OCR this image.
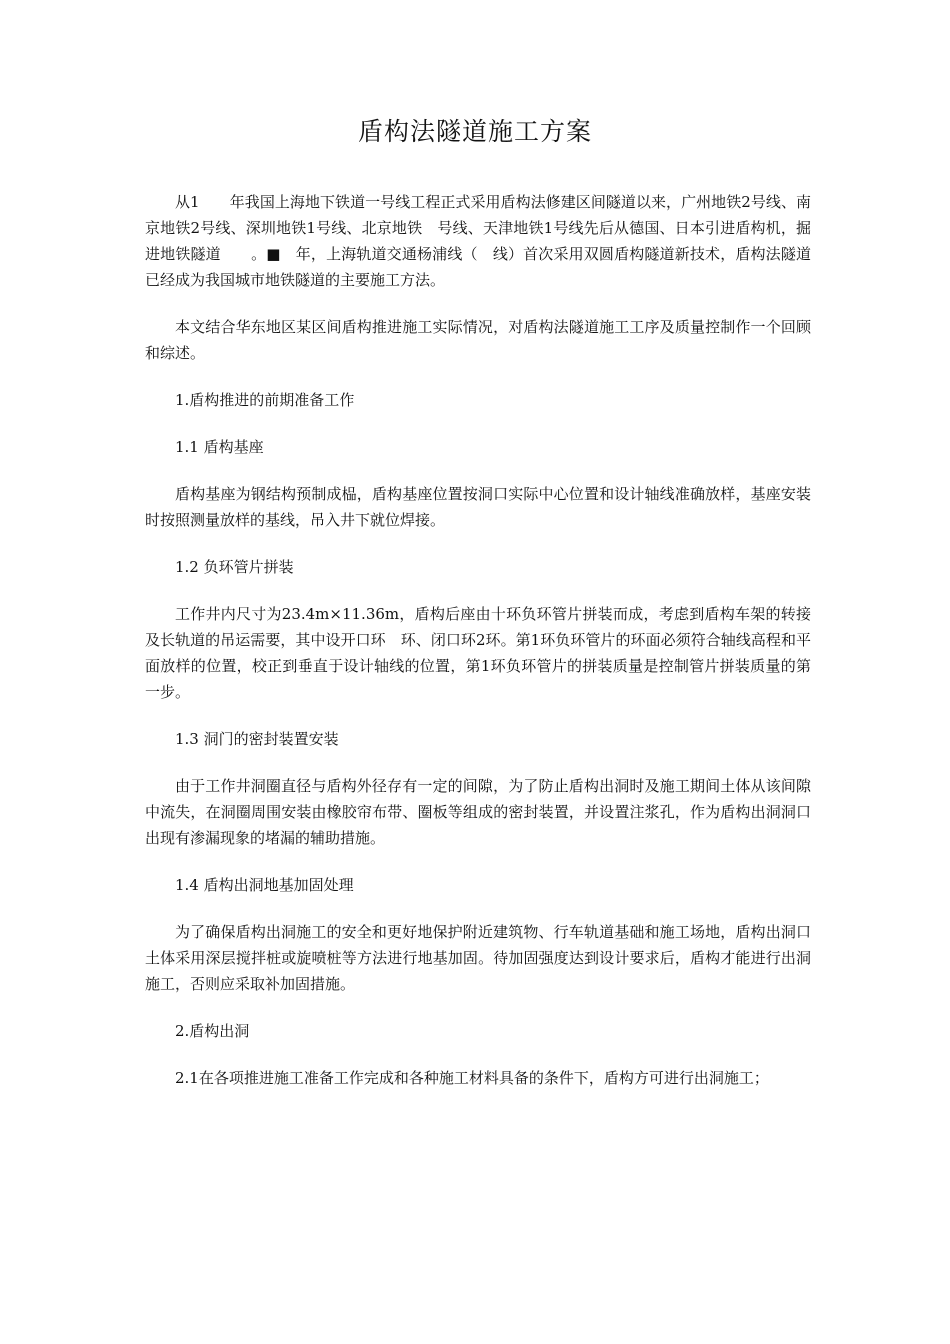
盾构法隧道施工方案

从1　　年我国上海地下铁道一号线工程正式采用盾构法修建区间隧道以来，广州地铁2号线、南京地铁2号线、深圳地铁1号线、北京地铁　号线、天津地铁1号线先后从德国、日本引进盾构机，掘进地铁隧道　　。■　年，上海轨道交通杨浦线（　线）首次采用双圆盾构隧道新技术，盾构法隧道已经成为我国城市地铁隧道的主要施工方法。

本文结合华东地区某区间盾构推进施工实际情况，对盾构法隧道施工工序及质量控制作一个回顾和综述。

1.盾构推进的前期准备工作

1.1 盾构基座

盾构基座为钢结构预制成榀，盾构基座位置按洞口实际中心位置和设计轴线准确放样，基座安装时按照测量放样的基线，吊入井下就位焊接。

1.2 负环管片拼装

工作井内尺寸为23.4m×11.36m，盾构后座由十环负环管片拼装而成，考虑到盾构车架的转接及长轨道的吊运需要，其中设开口环　环、闭口环2环。第1环负环管片的环面必须符合轴线高程和平面放样的位置，校正到垂直于设计轴线的位置，第1环负环管片的拼装质量是控制管片拼装质量的第一步。

1.3 洞门的密封装置安装

由于工作井洞圈直径与盾构外径存有一定的间隙，为了防止盾构出洞时及施工期间土体从该间隙中流失，在洞圈周围安装由橡胶帘布带、圈板等组成的密封装置，并设置注浆孔，作为盾构出洞洞口出现有渗漏现象的堵漏的辅助措施。

1.4 盾构出洞地基加固处理

为了确保盾构出洞施工的安全和更好地保护附近建筑物、行车轨道基础和施工场地，盾构出洞口土体采用深层搅拌桩或旋喷桩等方法进行地基加固。待加固强度达到设计要求后，盾构才能进行出洞施工，否则应采取补加固措施。

2.盾构出洞

2.1在各项推进施工准备工作完成和各种施工材料具备的条件下，盾构方可进行出洞施工；
